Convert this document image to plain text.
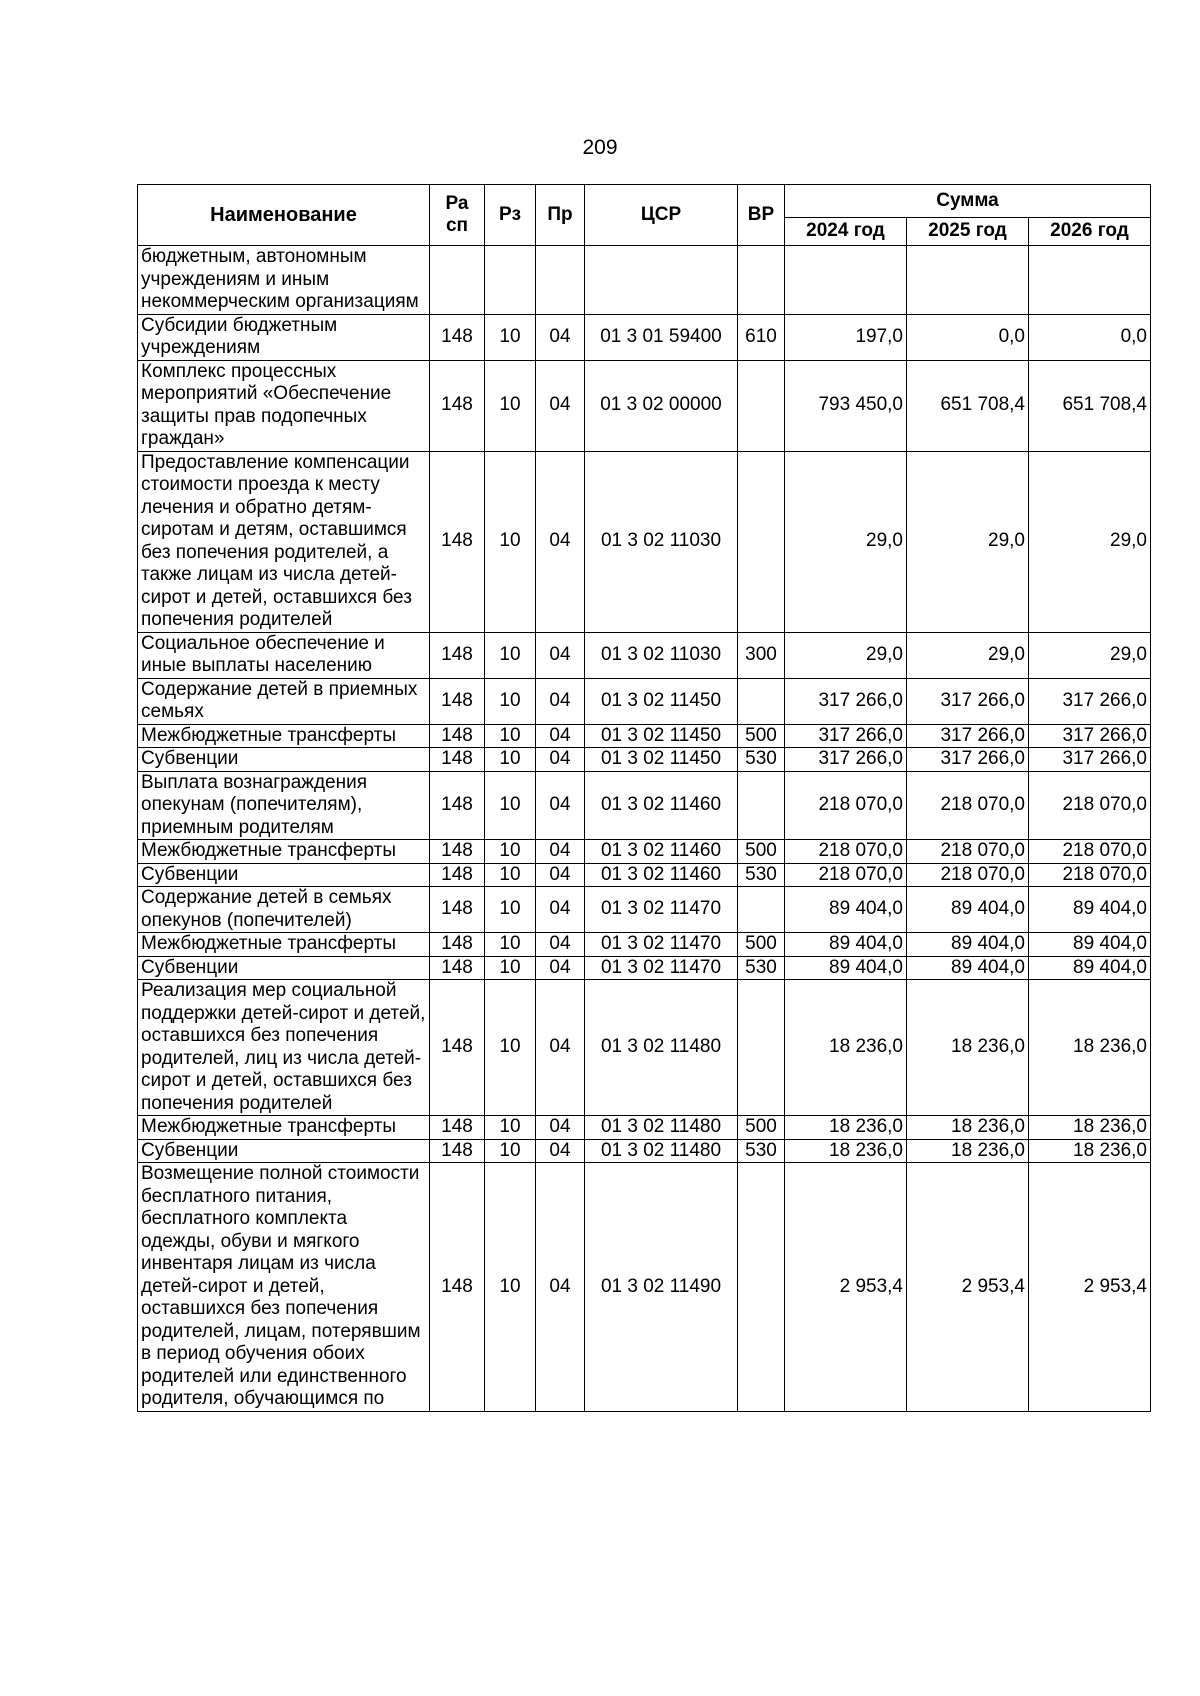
209
Наименование	Ра сп	Рз	Пр	ЦСР	ВР	Сумма		
						2024 год	2025 год	2026 год
бюджетным, автономным учреждениям и иным некоммерческим организациям								
Субсидии бюджетным учреждениям	148	10	04	01 3 01 59400	610	197,0	0,0	0,0
Комплекс процессных мероприятий «Обеспечение защиты прав подопечных граждан»	148	10	04	01 3 02 00000		793 450,0	651 708,4	651 708,4
Предоставление компенсации стоимости проезда к месту лечения и обратно детям-сиротам и детям, оставшимся без попечения родителей, а также лицам из числа детей-сирот и детей, оставшихся без попечения родителей	148	10	04	01 3 02 11030		29,0	29,0	29,0
Социальное обеспечение и иные выплаты населению	148	10	04	01 3 02 11030	300	29,0	29,0	29,0
Содержание детей в приемных семьях	148	10	04	01 3 02 11450		317 266,0	317 266,0	317 266,0
Межбюджетные трансферты	148	10	04	01 3 02 11450	500	317 266,0	317 266,0	317 266,0
Субвенции	148	10	04	01 3 02 11450	530	317 266,0	317 266,0	317 266,0
Выплата вознаграждения опекунам (попечителям), приемным родителям	148	10	04	01 3 02 11460		218 070,0	218 070,0	218 070,0
Межбюджетные трансферты	148	10	04	01 3 02 11460	500	218 070,0	218 070,0	218 070,0
Субвенции	148	10	04	01 3 02 11460	530	218 070,0	218 070,0	218 070,0
Содержание детей в семьях опекунов (попечителей)	148	10	04	01 3 02 11470		89 404,0	89 404,0	89 404,0
Межбюджетные трансферты	148	10	04	01 3 02 11470	500	89 404,0	89 404,0	89 404,0
Субвенции	148	10	04	01 3 02 11470	530	89 404,0	89 404,0	89 404,0
Реализация мер социальной поддержки детей-сирот и детей, оставшихся без попечения родителей, лиц из числа детей-сирот и детей, оставшихся без попечения родителей	148	10	04	01 3 02 11480		18 236,0	18 236,0	18 236,0
Межбюджетные трансферты	148	10	04	01 3 02 11480	500	18 236,0	18 236,0	18 236,0
Субвенции	148	10	04	01 3 02 11480	530	18 236,0	18 236,0	18 236,0
Возмещение полной стоимости бесплатного питания, бесплатного комплекта одежды, обуви и мягкого инвентаря лицам из числа детей-сирот и детей, оставшихся без попечения родителей, лицам, потерявшим в период обучения обоих родителей или единственного родителя, обучающимся по	148	10	04	01 3 02 11490		2 953,4	2 953,4	2 953,4
